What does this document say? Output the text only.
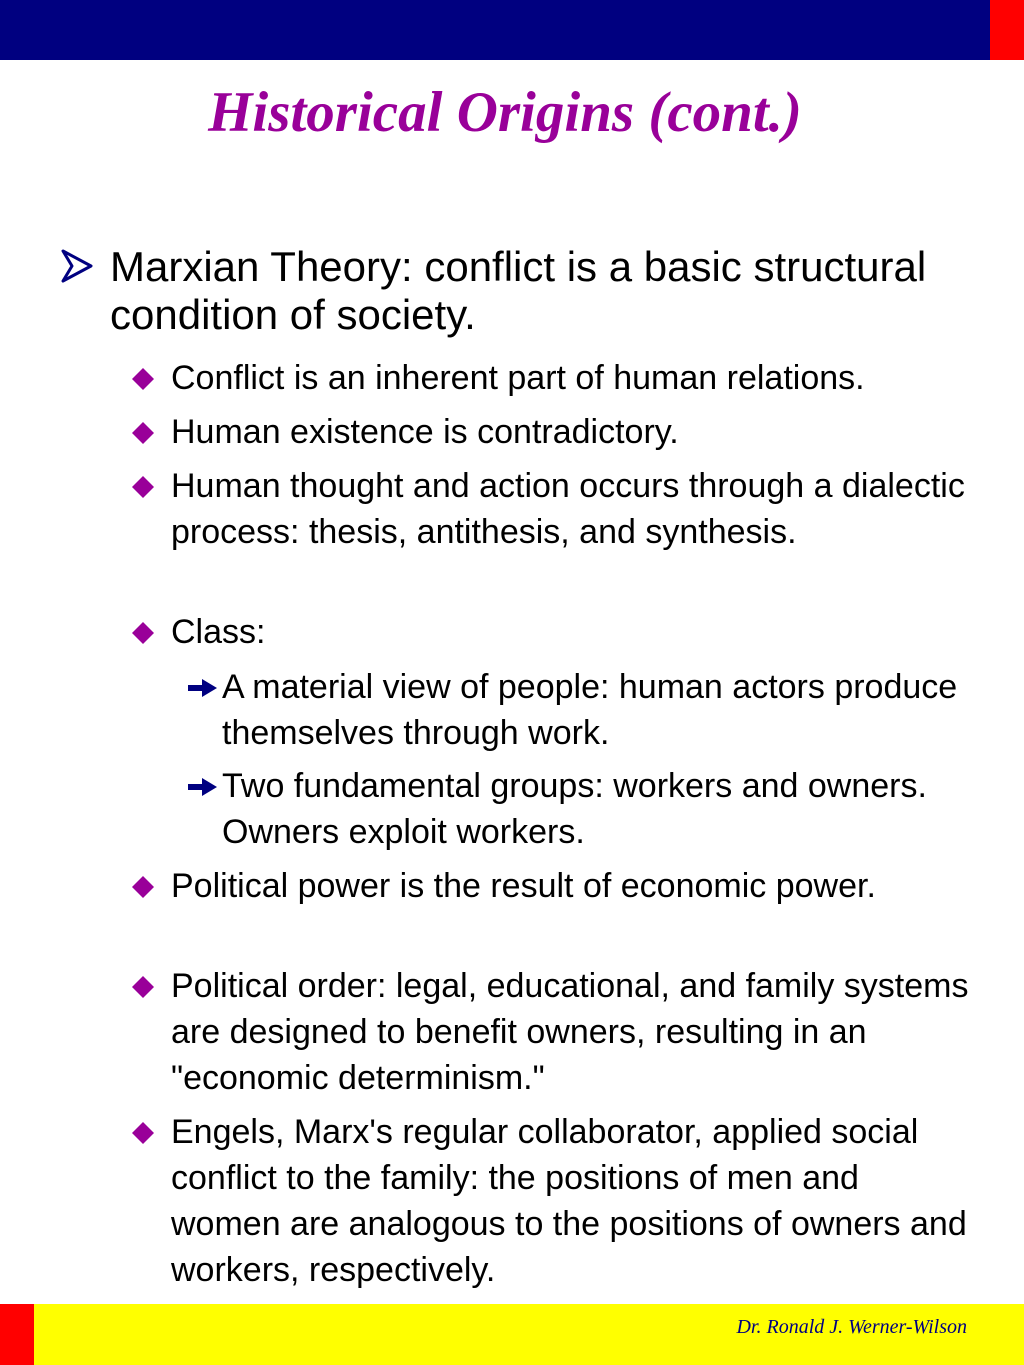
Historical Origins (cont.)
Marxian Theory: conflict is a basic structural condition of society.
Conflict is an inherent part of human relations.
Human existence is contradictory.
Human thought and action occurs through a dialectic process: thesis, antithesis, and synthesis.
Class:
A material view of people: human actors produce themselves through work.
Two fundamental groups: workers and owners. Owners exploit workers.
Political power is the result of economic power.
Political order: legal, educational, and family systems are designed to benefit owners, resulting in an "economic determinism."
Engels, Marx's regular collaborator, applied social conflict to the family: the positions of men and women are analogous to the positions of owners and workers, respectively.
Dr. Ronald J. Werner-Wilson
